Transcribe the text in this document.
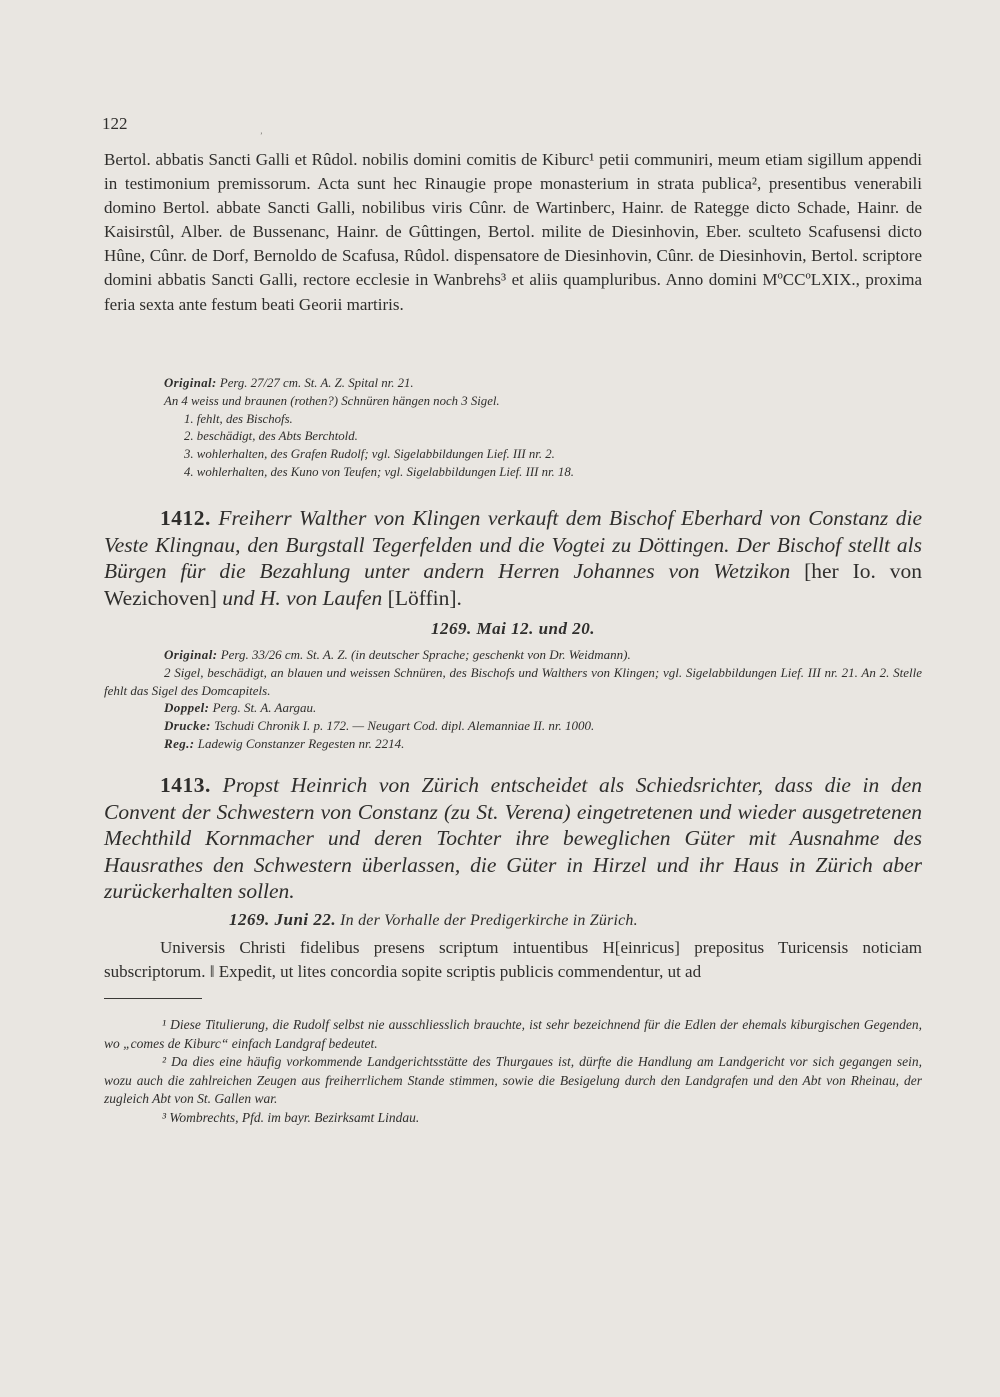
122
’
Bertol. abbatis Sancti Galli et Rûdol. nobilis domini comitis de Kiburc¹ petii communiri, meum etiam sigillum appendi in testimonium premissorum. Acta sunt hec Rinaugie prope monasterium in strata publica², presentibus venerabili domino Bertol. abbate Sancti Galli, nobilibus viris Cûnr. de Wartinberc, Hainr. de Rategge dicto Schade, Hainr. de Kaisirstûl, Alber. de Bussenanc, Hainr. de Gûttingen, Bertol. milite de Diesinhovin, Eber. sculteto Scafusensi dicto Hûne, Cûnr. de Dorf, Bernoldo de Scafusa, Rûdol. dispensatore de Diesinhovin, Cûnr. de Diesinhovin, Bertol. scriptore domini abbatis Sancti Galli, rectore ecclesie in Wanbrehs³ et aliis quampluribus. Anno domini MºCCºLXIX., proxima feria sexta ante festum beati Georii martiris.
Original: Perg. 27/27 cm. St. A. Z. Spital nr. 21.
An 4 weiss und braunen (rothen?) Schnüren hängen noch 3 Sigel.
1. fehlt, des Bischofs.
2. beschädigt, des Abts Berchtold.
3. wohlerhalten, des Grafen Rudolf; vgl. Sigelabbildungen Lief. III nr. 2.
4. wohlerhalten, des Kuno von Teufen; vgl. Sigelabbildungen Lief. III nr. 18.
1412. Freiherr Walther von Klingen verkauft dem Bischof Eberhard von Constanz die Veste Klingnau, den Burgstall Tegerfelden und die Vogtei zu Döttingen. Der Bischof stellt als Bürgen für die Bezahlung unter andern Herren Johannes von Wetzikon [her Io. von Wezichoven] und H. von Laufen [Löffin].
1269. Mai 12. und 20.
Original: Perg. 33/26 cm. St. A. Z. (in deutscher Sprache; geschenkt von Dr. Weidmann).
2 Sigel, beschädigt, an blauen und weissen Schnüren, des Bischofs und Walthers von Klingen; vgl. Sigelabbildungen Lief. III nr. 21. An 2. Stelle fehlt das Sigel des Domcapitels.
Doppel: Perg. St. A. Aargau.
Drucke: Tschudi Chronik I. p. 172. — Neugart Cod. dipl. Alemanniae II. nr. 1000.
Reg.: Ladewig Constanzer Regesten nr. 2214.
1413. Propst Heinrich von Zürich entscheidet als Schiedsrichter, dass die in den Convent der Schwestern von Constanz (zu St. Verena) eingetretenen und wieder ausgetretenen Mechthild Kornmacher und deren Tochter ihre beweglichen Güter mit Ausnahme des Hausrathes den Schwestern überlassen, die Güter in Hirzel und ihr Haus in Zürich aber zurückerhalten sollen.
1269. Juni 22. In der Vorhalle der Predigerkirche in Zürich.
Universis Christi fidelibus presens scriptum intuentibus H[einricus] prepositus Turicensis noticiam subscriptorum. ‖ Expedit, ut lites concordia sopite scriptis publicis commendentur, ut ad

¹ Diese Titulierung, die Rudolf selbst nie ausschliesslich brauchte, ist sehr bezeichnend für die Edlen der ehemals kiburgischen Gegenden, wo „comes de Kiburc“ einfach Landgraf bedeutet.

² Da dies eine häufig vorkommende Landgerichtsstätte des Thurgaues ist, dürfte die Handlung am Landgericht vor sich gegangen sein, wozu auch die zahlreichen Zeugen aus freiherrlichem Stande stimmen, sowie die Besigelung durch den Landgrafen und den Abt von Rheinau, der zugleich Abt von St. Gallen war.

³ Wombrechts, Pfd. im bayr. Bezirksamt Lindau.
